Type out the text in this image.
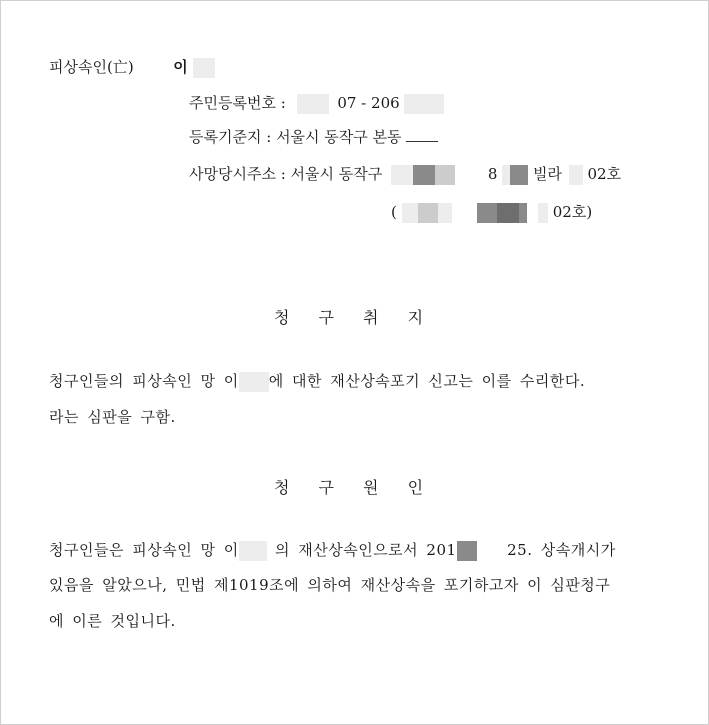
피상속인(亡)	이
주민등록번호 :	07 - 206
등록기준지 : 서울시 동작구 본동
사망당시주소 : 서울시 동작구	8 빌라 02호
(	02호)
청 구 취 지
청구인들의 피상속인 망 이 에 대한 재산상속포기 신고는 이를 수리한다.
라는 심판을 구함.
청 구 원 인
청구인들은 피상속인 망 이 의 재산상속인으로서 201	25. 상속개시가
있음을 알았으나, 민법 제1019조에 의하여 재산상속을 포기하고자 이 심판청구
에 이른 것입니다.
